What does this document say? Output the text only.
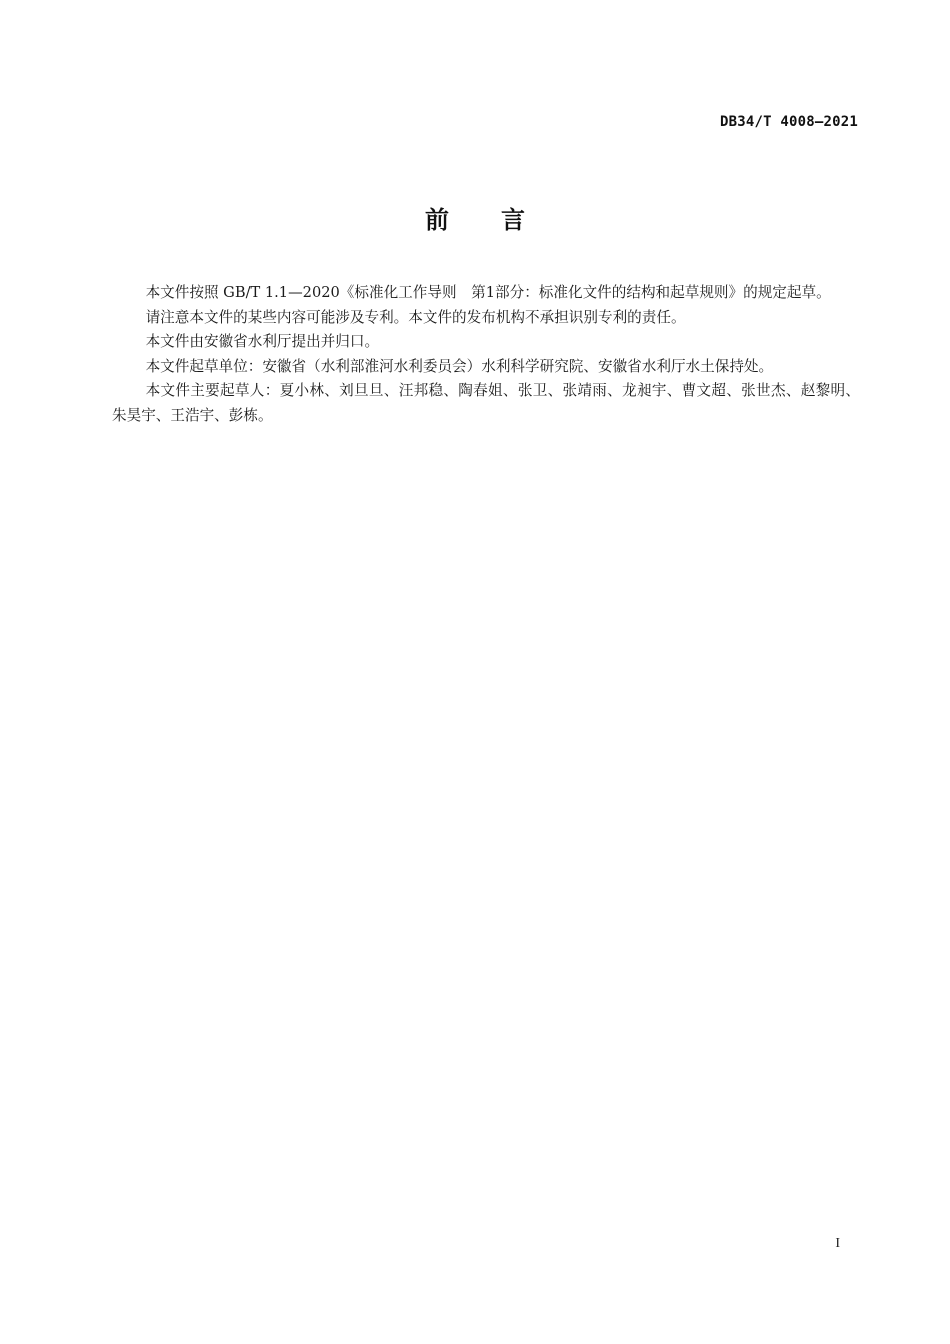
DB34/T 4008—2021
前 言

本文件按照 GB/T 1.1—2020《标准化工作导则　第1部分：标准化文件的结构和起草规则》的规定起草。

请注意本文件的某些内容可能涉及专利。本文件的发布机构不承担识别专利的责任。

本文件由安徽省水利厅提出并归口。

本文件起草单位：安徽省（水利部淮河水利委员会）水利科学研究院、安徽省水利厅水土保持处。

本文件主要起草人：夏小林、刘旦旦、汪邦稳、陶春姐、张卫、张靖雨、龙昶宇、曹文超、张世杰、赵黎明、朱昊宇、王浩宇、彭栋。

I
